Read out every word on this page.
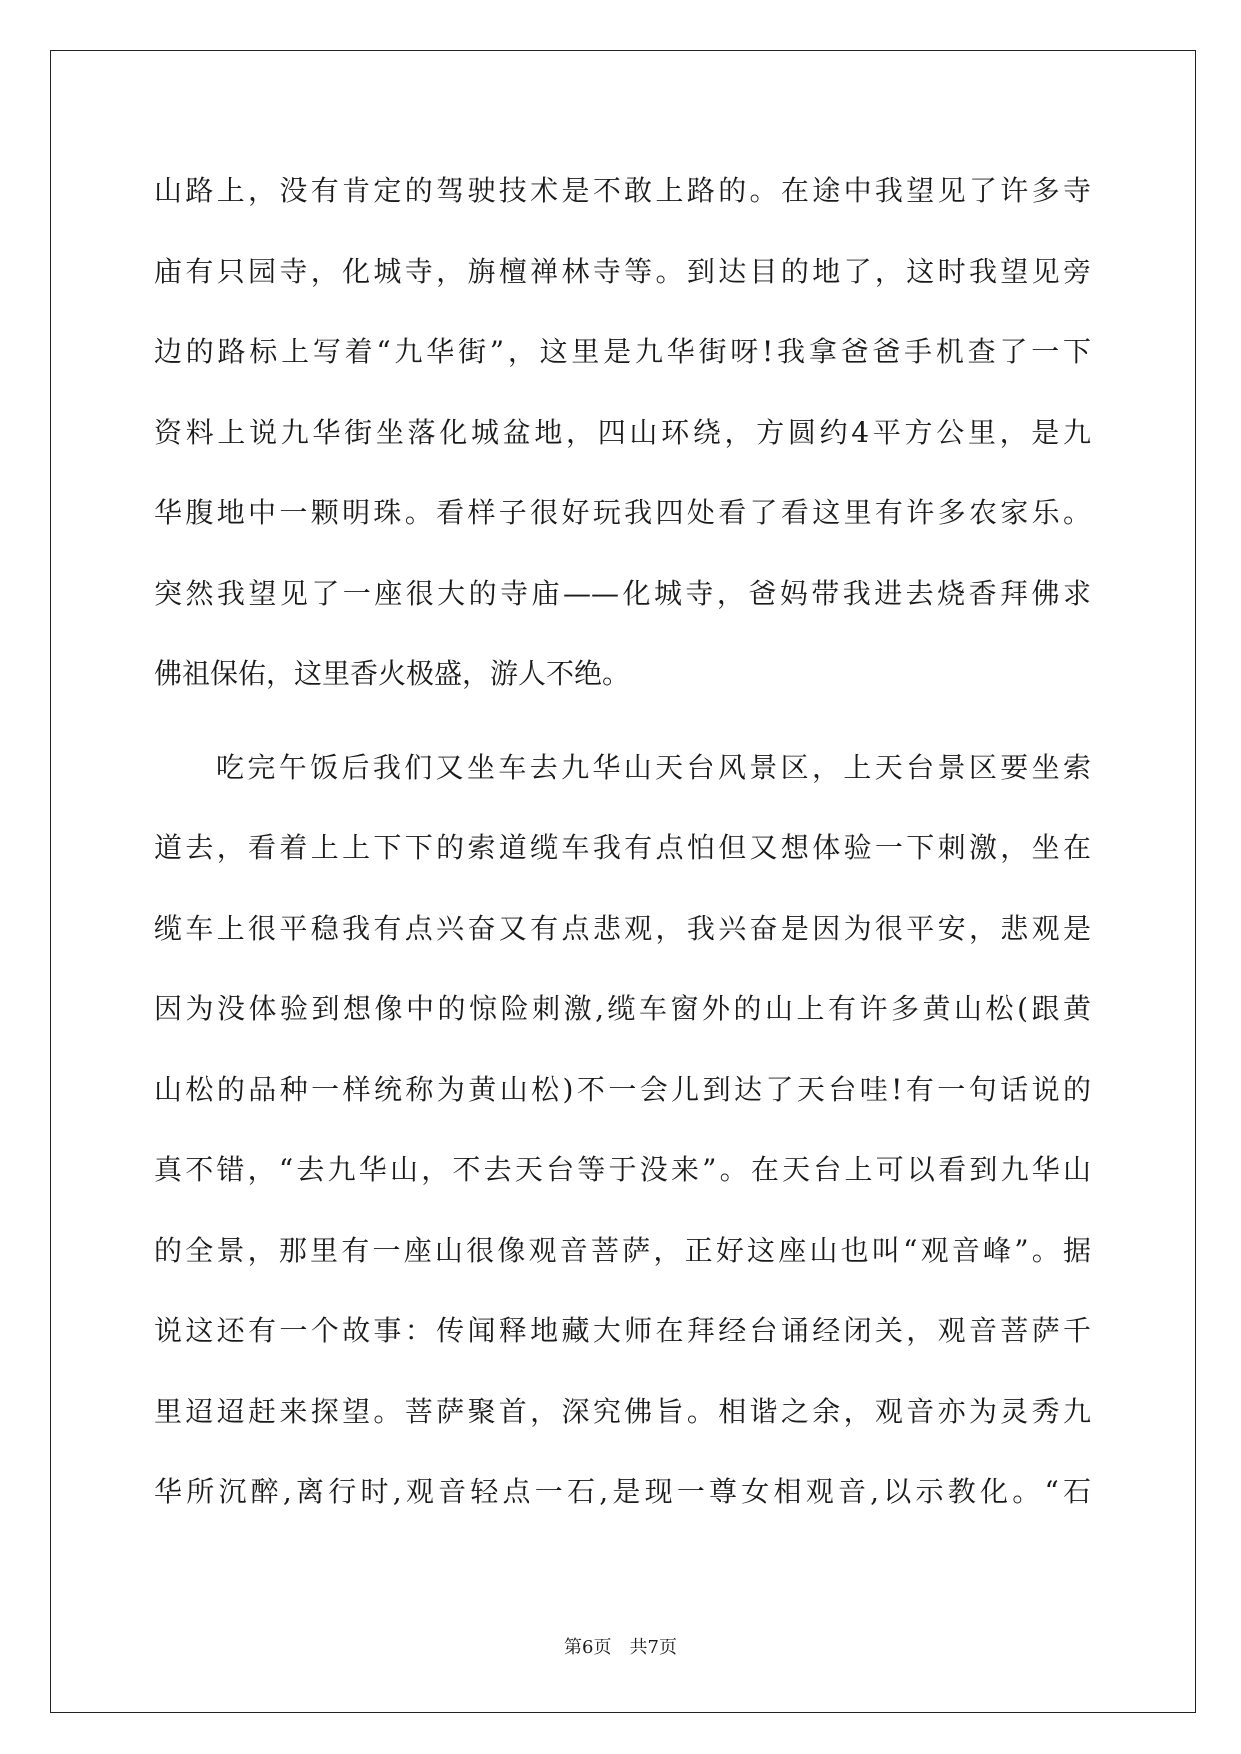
山路上，没有肯定的驾驶技术是不敢上路的。在途中我望见了许多寺
庙有只园寺，化城寺，旃檀禅林寺等。到达目的地了，这时我望见旁
边的路标上写着“九华街”，这里是九华街呀!我拿爸爸手机查了一下
资料上说九华街坐落化城盆地，四山环绕，方圆约4平方公里，是九
华腹地中一颗明珠。看样子很好玩我四处看了看这里有许多农家乐。
突然我望见了一座很大的寺庙——化城寺，爸妈带我进去烧香拜佛求
佛祖保佑，这里香火极盛，游人不绝。
吃完午饭后我们又坐车去九华山天台风景区，上天台景区要坐索
道去，看着上上下下的索道缆车我有点怕但又想体验一下刺激，坐在
缆车上很平稳我有点兴奋又有点悲观，我兴奋是因为很平安，悲观是
因为没体验到想像中的惊险刺激,缆车窗外的山上有许多黄山松(跟黄
山松的品种一样统称为黄山松)不一会儿到达了天台哇!有一句话说的
真不错，“去九华山，不去天台等于没来”。在天台上可以看到九华山
的全景，那里有一座山很像观音菩萨，正好这座山也叫“观音峰”。据
说这还有一个故事：传闻释地藏大师在拜经台诵经闭关，观音菩萨千
里迢迢赶来探望。菩萨聚首，深究佛旨。相谐之余，观音亦为灵秀九
华所沉醉,离行时,观音轻点一石,是现一尊女相观音,以示教化。“石
第6页 共7页
